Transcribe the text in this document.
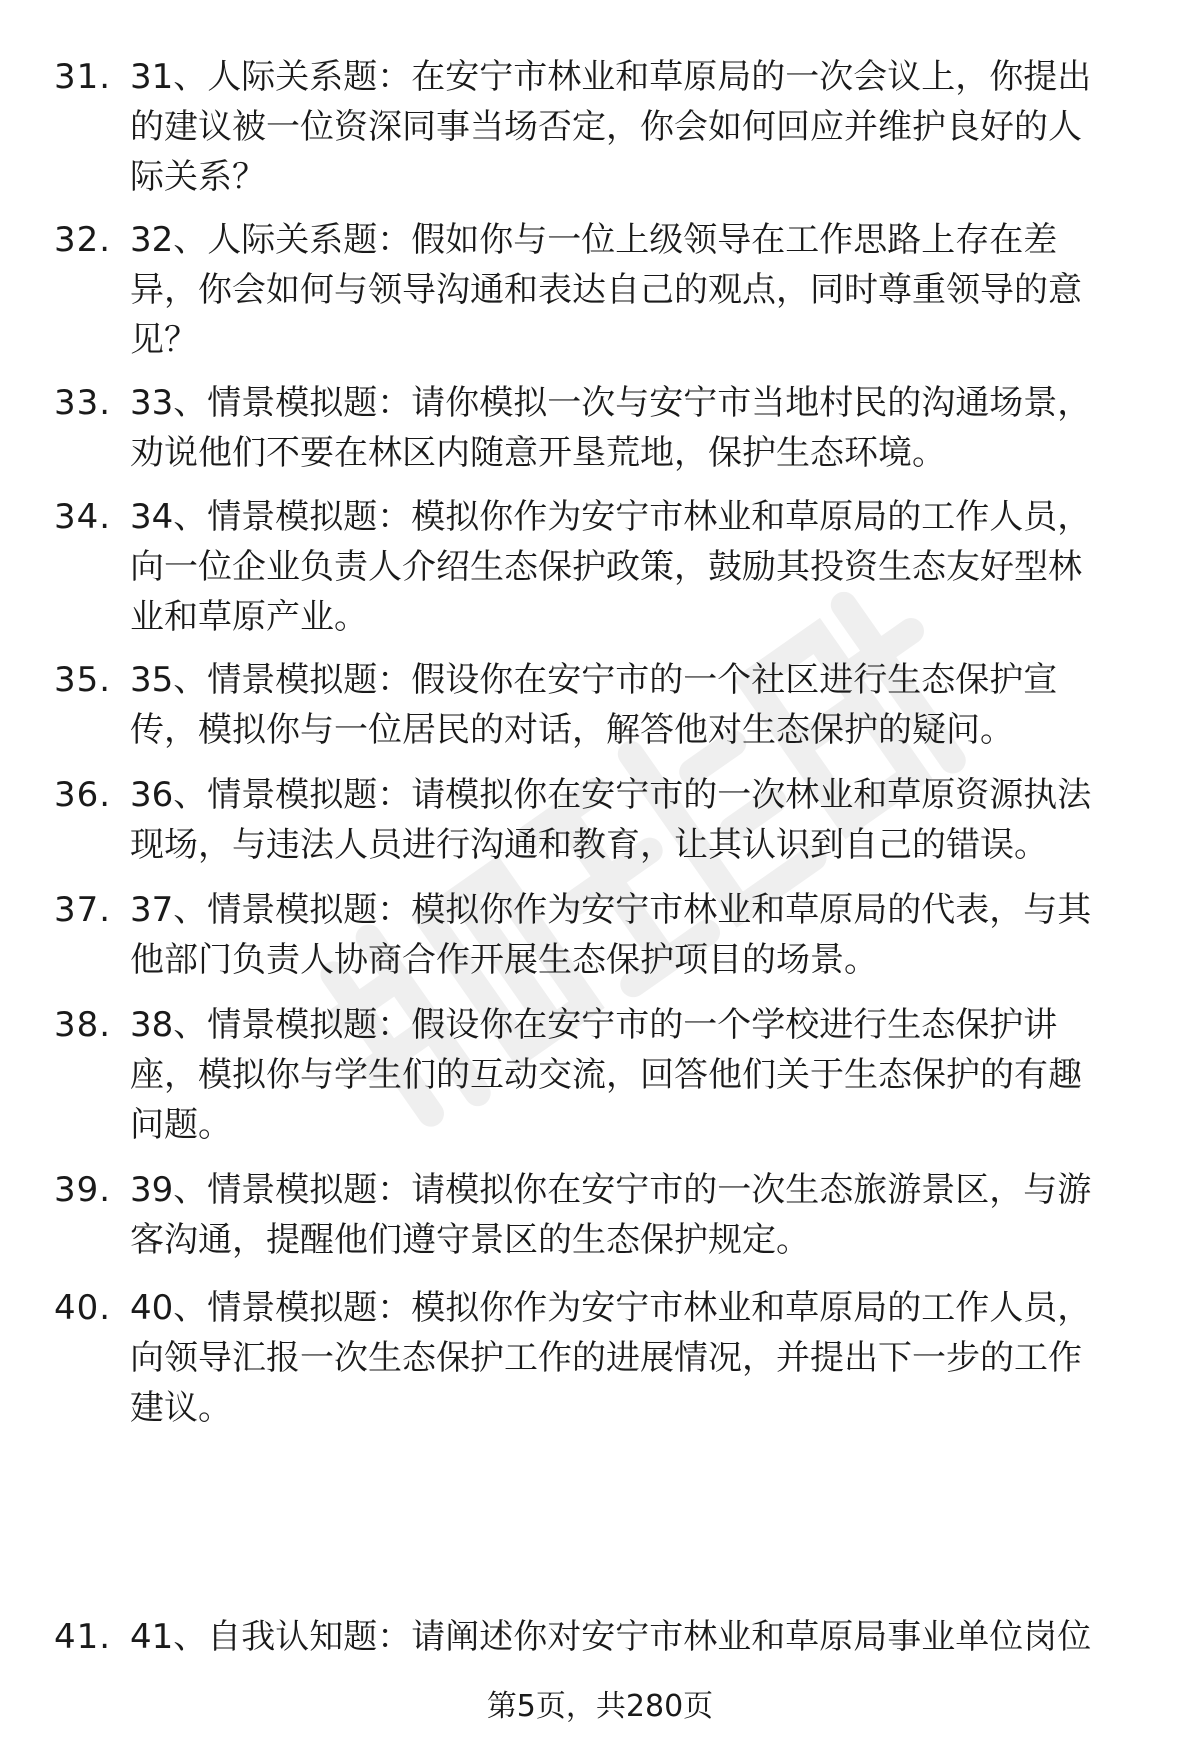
31. 31、人际关系题：在安宁市林业和草原局的一次会议上，你提出
的建议被一位资深同事当场否定，你会如何回应并维护良好的人
际关系？
32. 32、人际关系题：假如你与一位上级领导在工作思路上存在差
异，你会如何与领导沟通和表达自己的观点，同时尊重领导的意
见？
33. 33、情景模拟题：请你模拟一次与安宁市当地村民的沟通场景，
劝说他们不要在林区内随意开垦荒地，保护生态环境。
34. 34、情景模拟题：模拟你作为安宁市林业和草原局的工作人员，
向一位企业负责人介绍生态保护政策，鼓励其投资生态友好型林
业和草原产业。
35. 35、情景模拟题：假设你在安宁市的一个社区进行生态保护宣
传，模拟你与一位居民的对话，解答他对生态保护的疑问。
36. 36、情景模拟题：请模拟你在安宁市的一次林业和草原资源执法
现场，与违法人员进行沟通和教育，让其认识到自己的错误。
37. 37、情景模拟题：模拟你作为安宁市林业和草原局的代表，与其
他部门负责人协商合作开展生态保护项目的场景。
38. 38、情景模拟题：假设你在安宁市的一个学校进行生态保护讲
座，模拟你与学生们的互动交流，回答他们关于生态保护的有趣
问题。
39. 39、情景模拟题：请模拟你在安宁市的一次生态旅游景区，与游
客沟通，提醒他们遵守景区的生态保护规定。
40. 40、情景模拟题：模拟你作为安宁市林业和草原局的工作人员，
向领导汇报一次生态保护工作的进展情况，并提出下一步的工作
建议。
41. 41、自我认知题：请阐述你对安宁市林业和草原局事业单位岗位
第5页，共280页
